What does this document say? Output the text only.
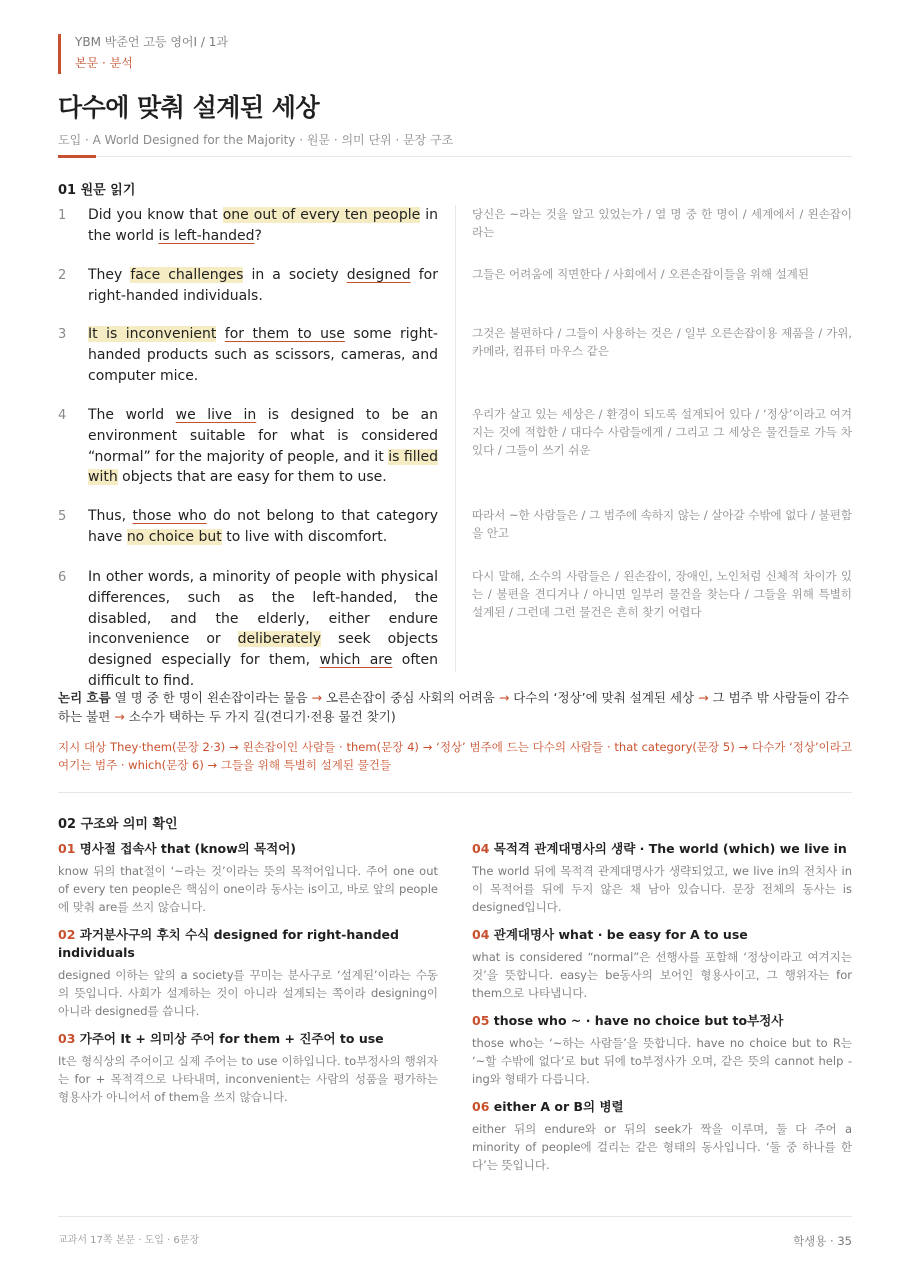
YBM 박준언 고등 영어I / 1과
본문 · 분석
다수에 맞춰 설계된 세상
도입 · A World Designed for the Majority · 원문 · 의미 단위 · 문장 구조
01 원문 읽기
1 Did you know that one out of every ten people in the world is left-handed?
당신은 ~라는 것을 알고 있었는가 / 열 명 중 한 명이 / 세계에서 / 왼손잡이라는
2 They face challenges in a society designed for right-handed individuals.
그들은 어려움에 직면한다 / 사회에서 / 오른손잡이들을 위해 설계된
3 It is inconvenient for them to use some right-handed products such as scissors, cameras, and computer mice.
그것은 불편하다 / 그들이 사용하는 것은 / 일부 오른손잡이용 제품을 / 가위, 카메라, 컴퓨터 마우스 같은
4 The world we live in is designed to be an environment suitable for what is considered “normal” for the majority of people, and it is filled with objects that are easy for them to use.
우리가 살고 있는 세상은 / 환경이 되도록 설계되어 있다 / ‘정상’이라고 여겨지는 것에 적합한 / 대다수 사람들에게 / 그리고 그 세상은 물건들로 가득 차 있다 / 그들이 쓰기 쉬운
5 Thus, those who do not belong to that category have no choice but to live with discomfort.
따라서 ~한 사람들은 / 그 범주에 속하지 않는 / 살아갈 수밖에 없다 / 불편함을 안고
6 In other words, a minority of people with physical differences, such as the left-handed, the disabled, and the elderly, either endure inconvenience or deliberately seek objects designed especially for them, which are often difficult to find.
다시 말해, 소수의 사람들은 / 왼손잡이, 장애인, 노인처럼 신체적 차이가 있는 / 불편을 견디거나 / 아니면 일부러 물건을 찾는다 / 그들을 위해 특별히 설계된 / 그런데 그런 물건은 흔히 찾기 어렵다
논리 흐름 열 명 중 한 명이 왼손잡이라는 물음 → 오른손잡이 중심 사회의 어려움 → 다수의 ‘정상’에 맞춰 설계된 세상 → 그 범주 밖 사람들이 감수하는 불편 → 소수가 택하는 두 가지 길(견디기·전용 물건 찾기)
지시 대상 They·them(문장 2·3) → 왼손잡이인 사람들 · them(문장 4) → ‘정상’ 범주에 드는 다수의 사람들 · that category(문장 5) → 다수가 ‘정상’이라고 여기는 범주 · which(문장 6) → 그들을 위해 특별히 설계된 물건들
02 구조와 의미 확인
01 명사절 접속사 that (know의 목적어)
know 뒤의 that절이 ‘~라는 것’이라는 뜻의 목적어입니다. 주어 one out of every ten people은 핵심이 one이라 동사는 is이고, 바로 앞의 people에 맞춰 are를 쓰지 않습니다.
02 과거분사구의 후치 수식 designed for right-handed individuals
designed 이하는 앞의 a society를 꾸미는 분사구로 ‘설계된’이라는 수동의 뜻입니다. 사회가 설계하는 것이 아니라 설계되는 쪽이라 designing이 아니라 designed를 씁니다.
03 가주어 It + 의미상 주어 for them + 진주어 to use
It은 형식상의 주어이고 실제 주어는 to use 이하입니다. to부정사의 행위자는 for + 목적격으로 나타내며, inconvenient는 사람의 성품을 평가하는 형용사가 아니어서 of them을 쓰지 않습니다.
04 목적격 관계대명사의 생략 · The world (which) we live in
The world 뒤에 목적격 관계대명사가 생략되었고, we live in의 전치사 in이 목적어를 뒤에 두지 않은 채 남아 있습니다. 문장 전체의 동사는 is designed입니다.
04 관계대명사 what · be easy for A to use
what is considered “normal”은 선행사를 포함해 ‘정상이라고 여겨지는 것’을 뜻합니다. easy는 be동사의 보어인 형용사이고, 그 행위자는 for them으로 나타냅니다.
05 those who ~ · have no choice but to부정사
those who는 ‘~하는 사람들’을 뜻합니다. have no choice but to R는 ‘~할 수밖에 없다’로 but 뒤에 to부정사가 오며, 같은 뜻의 cannot help -ing와 형태가 다릅니다.
06 either A or B의 병렬
either 뒤의 endure와 or 뒤의 seek가 짝을 이루며, 둘 다 주어 a minority of people에 걸리는 같은 형태의 동사입니다. ‘둘 중 하나를 한다’는 뜻입니다.
교과서 17쪽 본문 · 도입 · 6문장	학생용 · 35
